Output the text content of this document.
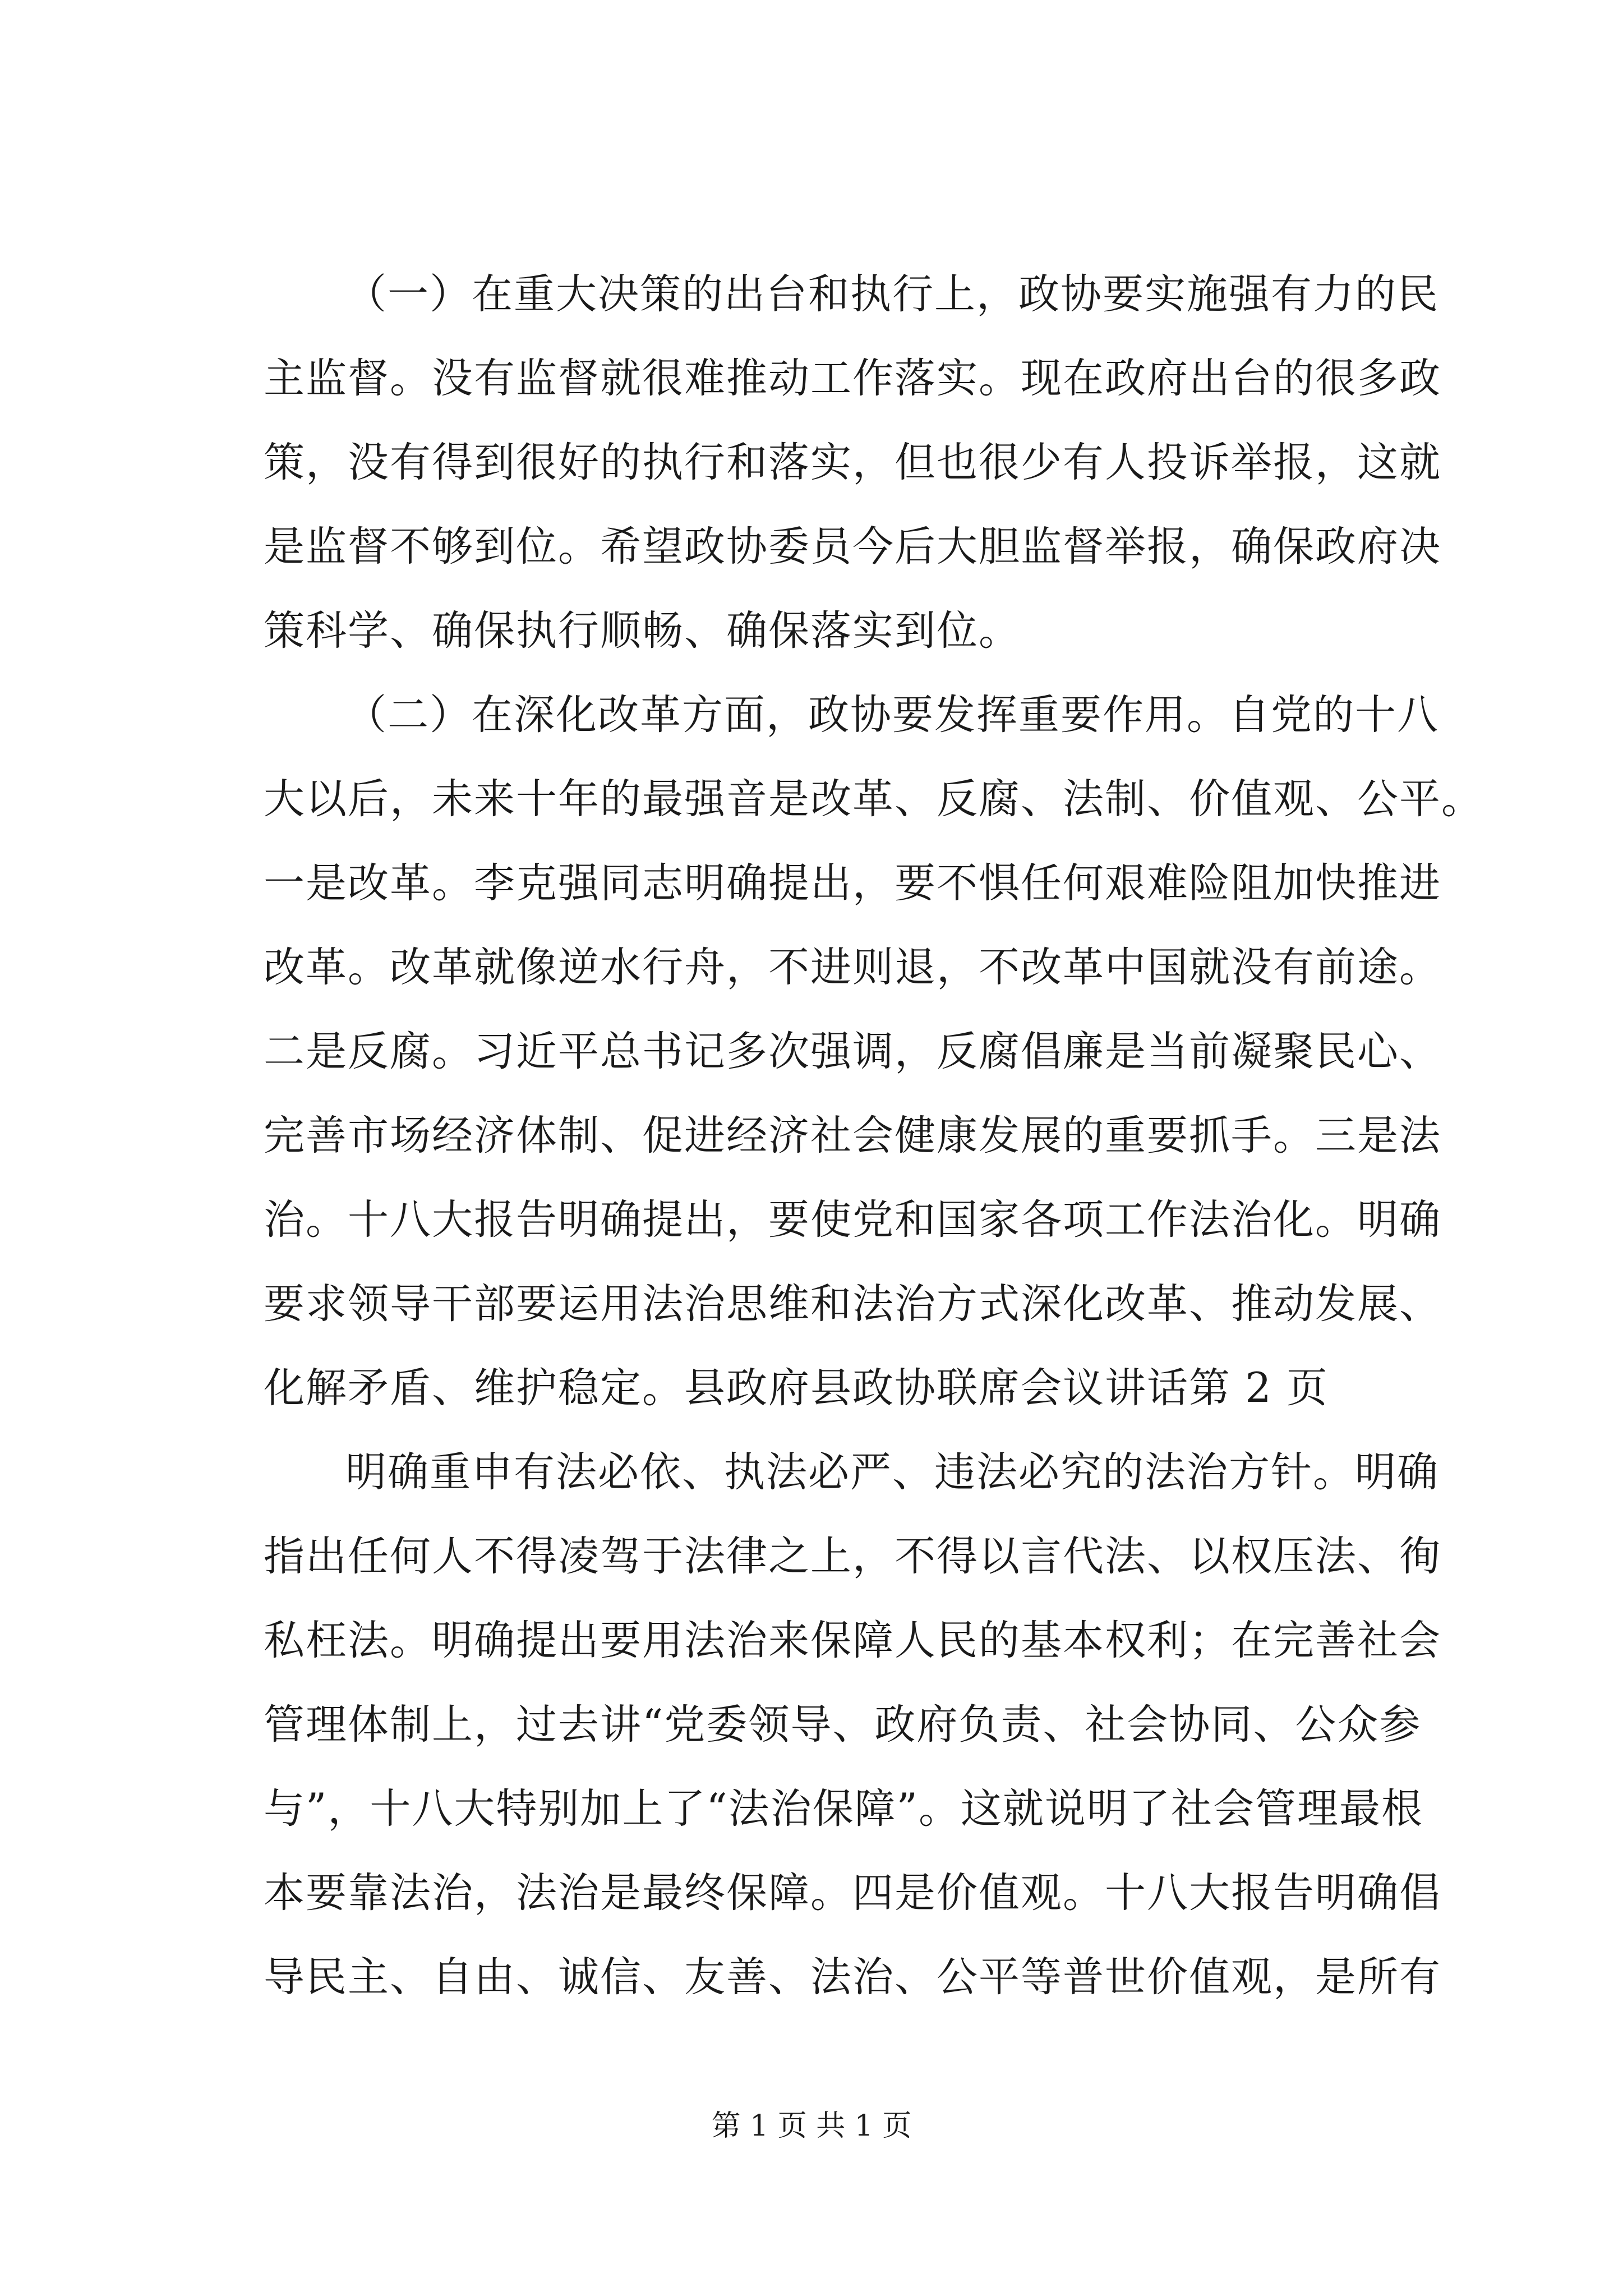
（一）在重大决策的出台和执行上，政协要实施强有力的民
主监督。没有监督就很难推动工作落实。现在政府出台的很多政
策，没有得到很好的执行和落实，但也很少有人投诉举报，这就
是监督不够到位。希望政协委员今后大胆监督举报，确保政府决
策科学、确保执行顺畅、确保落实到位。
（二）在深化改革方面，政协要发挥重要作用。自党的十八
大以后，未来十年的最强音是改革、反腐、法制、价值观、公平。
一是改革。李克强同志明确提出，要不惧任何艰难险阻加快推进
改革。改革就像逆水行舟，不进则退，不改革中国就没有前途。
二是反腐。习近平总书记多次强调，反腐倡廉是当前凝聚民心、
完善市场经济体制、促进经济社会健康发展的重要抓手。三是法
治。十八大报告明确提出，要使党和国家各项工作法治化。明确
要求领导干部要运用法治思维和法治方式深化改革、推动发展、
化解矛盾、维护稳定。县政府县政协联席会议讲话第 2 页
明确重申有法必依、执法必严、违法必究的法治方针。明确
指出任何人不得凌驾于法律之上，不得以言代法、以权压法、徇
私枉法。明确提出要用法治来保障人民的基本权利；在完善社会
管理体制上，过去讲“党委领导、政府负责、社会协同、公众参
与”，十八大特别加上了“法治保障”。这就说明了社会管理最根
本要靠法治，法治是最终保障。四是价值观。十八大报告明确倡
导民主、自由、诚信、友善、法治、公平等普世价值观，是所有
第 1 页 共 1 页
